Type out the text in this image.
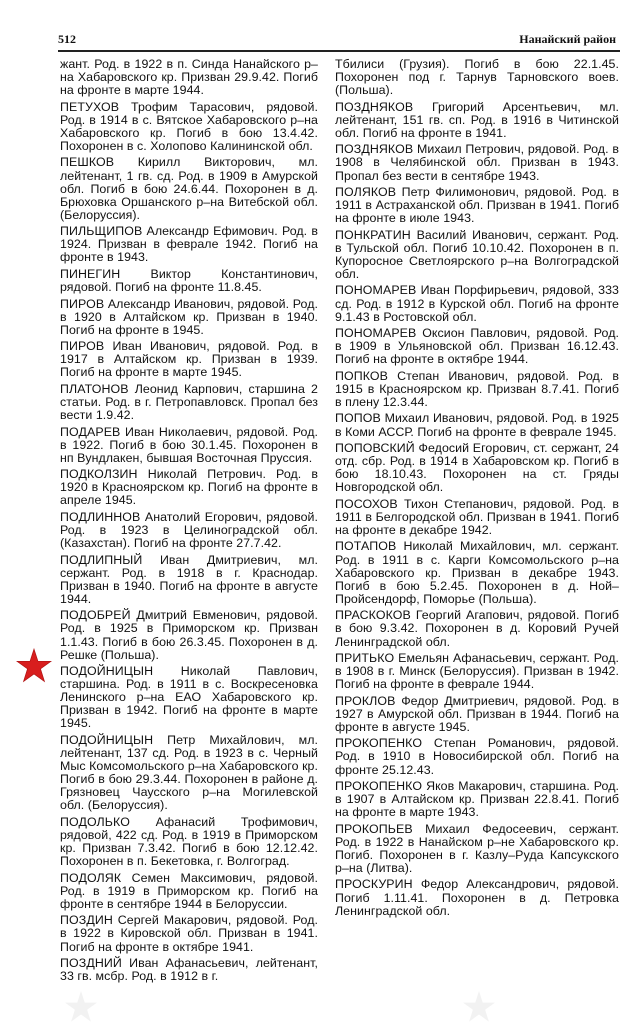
512	Нанайский район

жант. Род. в 1922 в п. Синда Нанайского р–на Хабаровского кр. Призван 29.9.42. Погиб на фронте в марте 1944.

ПЕТУХОВ Трофим Тарасович, рядовой. Род. в 1914 в с. Вятское Хабаровского р–на Хабаровского кр. Погиб в бою 13.4.42. Похоронен в с. Холопово Калининской обл.

ПЕШКОВ Кирилл Викторович, мл. лейтенант, 1 гв. сд. Род. в 1909 в Амурской обл. Погиб в бою 24.6.44. Похоронен в д. Брюховка Оршанского р–на Витебской обл. (Белоруссия).

ПИЛЬЩИПОВ Александр Ефимович. Род. в 1924. Призван в феврале 1942. Погиб на фронте в 1943.

ПИНЕГИН Виктор Константинович, рядовой. Погиб на фронте 11.8.45.

ПИРОВ Александр Иванович, рядовой. Род. в 1920 в Алтайском кр. Призван в 1940. Погиб на фронте в 1945.

ПИРОВ Иван Иванович, рядовой. Род. в 1917 в Алтайском кр. Призван в 1939. Погиб на фронте в марте 1945.

ПЛАТОНОВ Леонид Карпович, старшина 2 статьи. Род. в г. Петропавловск. Пропал без вести 1.9.42.

ПОДАРЕВ Иван Николаевич, рядовой. Род. в 1922. Погиб в бою 30.1.45. Похоронен в нп Вундлакен, бывшая Восточная Пруссия.

ПОДКОЛЗИН Николай Петрович. Род. в 1920 в Красноярском кр. Погиб на фронте в апреле 1945.

ПОДЛИННОВ Анатолий Егорович, рядовой. Род. в 1923 в Целиноградской обл. (Казахстан). Погиб на фронте 27.7.42.

ПОДЛИПНЫЙ Иван Дмитриевич, мл. сержант. Род. в 1918 в г. Краснодар. Призван в 1940. Погиб на фронте в августе 1944.

ПОДОБРЕЙ Дмитрий Евменович, рядовой. Род. в 1925 в Приморском кр. Призван 1.1.43. Погиб в бою 26.3.45. Похоронен в д. Решке (Польша).

ПОДОЙНИЦЫН Николай Павлович, старшина. Род. в 1911 в с. Воскресеновка Ленинского р–на ЕАО Хабаровского кр. Призван в 1942. Погиб на фронте в марте 1945.

ПОДОЙНИЦЫН Петр Михайлович, мл. лейтенант, 137 сд. Род. в 1923 в с. Черный Мыс Комсомольского р–на Хабаровского кр. Погиб в бою 29.3.44. Похоронен в районе д. Грязновец Чаусского р–на Могилевской обл. (Белоруссия).

ПОДОЛЬКО Афанасий Трофимович, рядовой, 422 сд. Род. в 1919 в Приморском кр. Призван 7.3.42. Погиб в бою 12.12.42. Похоронен в п. Бекетовка, г. Волгоград.

ПОДОЛЯК Семен Максимович, рядовой. Род. в 1919 в Приморском кр. Погиб на фронте в сентябре 1944 в Белоруссии.

ПОЗДИН Сергей Макарович, рядовой. Род. в 1922 в Кировской обл. Призван в 1941. Погиб на фронте в октябре 1941.

ПОЗДНИЙ Иван Афанасьевич, лейтенант, 33 гв. мсбр. Род. в 1912 в г.

Тбилиси (Грузия). Погиб в бою 22.1.45. Похоронен под г. Тарнув Тарновского воев. (Польша).

ПОЗДНЯКОВ Григорий Арсентьевич, мл. лейтенант, 151 гв. сп. Род. в 1916 в Читинской обл. Погиб на фронте в 1941.

ПОЗДНЯКОВ Михаил Петрович, рядовой. Род. в 1908 в Челябинской обл. Призван в 1943. Пропал без вести в сентябре 1943.

ПОЛЯКОВ Петр Филимонович, рядовой. Род. в 1911 в Астраханской обл. Призван в 1941. Погиб на фронте в июле 1943.

ПОНКРАТИН Василий Иванович, сержант. Род. в Тульской обл. Погиб 10.10.42. Похоронен в п. Купоросное Светлоярского р–на Волгоградской обл.

ПОНОМАРЕВ Иван Порфирьевич, рядовой, 333 сд. Род. в 1912 в Курской обл. Погиб на фронте 9.1.43 в Ростовской обл.

ПОНОМАРЕВ Оксион Павлович, рядовой. Род. в 1909 в Ульяновской обл. Призван 16.12.43. Погиб на фронте в октябре 1944.

ПОПКОВ Степан Иванович, рядовой. Род. в 1915 в Красноярском кр. Призван 8.7.41. Погиб в плену 12.3.44.

ПОПОВ Михаил Иванович, рядовой. Род. в 1925 в Коми АССР. Погиб на фронте в феврале 1945.

ПОПОВСКИЙ Федосий Егорович, ст. сержант, 24 отд. сбр. Род. в 1914 в Хабаровском кр. Погиб в бою 18.10.43. Похоронен на ст. Гряды Новгородской обл.

ПОСОХОВ Тихон Степанович, рядовой. Род. в 1911 в Белгородской обл. Призван в 1941. Погиб на фронте в декабре 1942.

ПОТАПОВ Николай Михайлович, мл. сержант. Род. в 1911 в с. Карги Комсомольского р–на Хабаровского кр. Призван в декабре 1943. Погиб в бою 5.2.45. Похоронен в д. Ной–Пройсендорф, Поморье (Польша).

ПРАСКОКОВ Георгий Агапович, рядовой. Погиб в бою 9.3.42. Похоронен в д. Коровий Ручей Ленинградской обл.

ПРИТЬКО Емельян Афанасьевич, сержант. Род. в 1908 в г. Минск (Белоруссия). Призван в 1942. Погиб на фронте в феврале 1944.

ПРОКЛОВ Федор Дмитриевич, рядовой. Род. в 1927 в Амурской обл. Призван в 1944. Погиб на фронте в августе 1945.

ПРОКОПЕНКО Степан Романович, рядовой. Род. в 1910 в Новосибирской обл. Погиб на фронте 25.12.43.

ПРОКОПЕНКО Яков Макарович, старшина. Род. в 1907 в Алтайском кр. Призван 22.8.41. Погиб на фронте в марте 1943.

ПРОКОПЬЕВ Михаил Федосеевич, сержант. Род. в 1922 в Нанайском р–не Хабаровского кр. Погиб. Похоронен в г. Казлу–Руда Капсукского р–на (Литва).

ПРОСКУРИН Федор Александрович, рядовой. Погиб 1.11.41. Похоронен в д. Петровка Ленинградской обл.
